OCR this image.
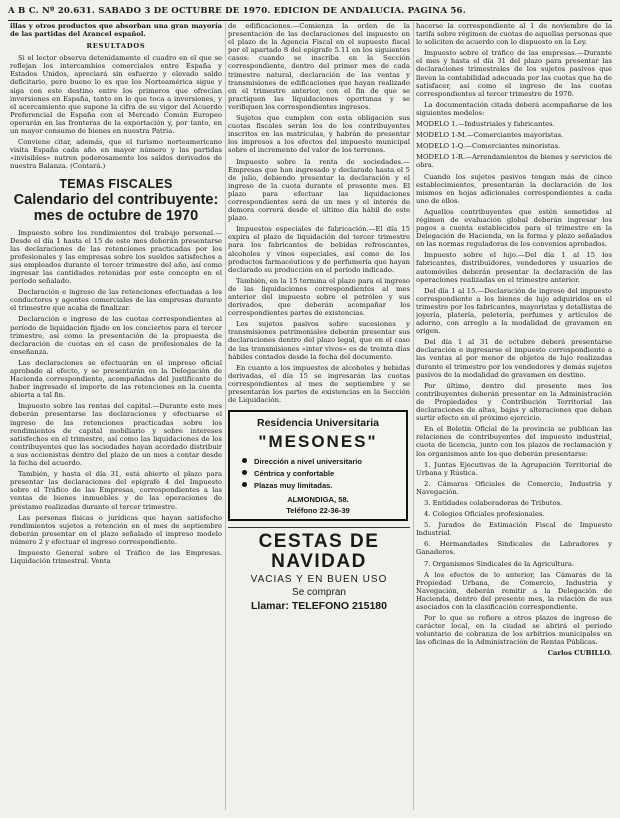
A B C. Nº 20.631. SABADO 3 DE OCTUBRE DE 1970. EDICION DE ANDALUCIA. PAGINA 56.

illas y otros productos que absorban una gran mayoría de las partidas del Arancel español.

RESULTADOS

Si el lector observa detenidamente el cuadro en el que se reflejan los intercambios comerciales entre España y Estados Unidos, apreciará sin esfuerzo y elevado saldo deficitario, pero bueno lo es que los Norteamérica sigue y siga con este destino entre los primeros que ofrecían inversiones en España, tanto en lo que toca a inversiones, y el acercamiento que supone la cifra de su vigor del Acuerdo Preferencial de España con el Mercado Común Europeo operarán en las fronteras de la exportación y, por tanto, en un mayor consumo de bienes en nuestra Patria.

Conviene citar, además, que el turismo norteamericano visita España cada año en mayor número y las partidas «invisibles» nutren poderosamente los saldos derivados de nuestra Balanza. (Contará.)

TEMAS FISCALES
Calendario del contribuyente: mes de octubre de 1970

Impuesto sobre los rendimientos del trabajo personal.—Desde el día 1 hasta el 15 de este mes deberán presentarse las declaraciones de las retenciones practicadas por los profesionales y las empresas sobre los sueldos satisfechos a sus empleados durante el tercer trimestre del año, así como ingresar las cantidades retenidas por este concepto en el período señalado.

Declaración e ingreso de las retenciones efectuadas a los conductores y agentes comerciales de las empresas durante el trimestre que acaba de finalizar.

Declaración e ingreso de las cuotas correspondientes al período de liquidación fijado en los conciertos para el tercer trimestre, así como la presentación de la propuesta de declaración de cuotas en el caso de profesionales de la enseñanza.

Las declaraciones se efectuarán en el impreso oficial aprobado al efecto, y se presentarán en la Delegación de Hacienda correspondiente, acompañadas del justificante de haber ingresado el importe de las retenciones en la cuenta abierta a tal fin.

Impuesto sobre las rentas del capital.—Durante este mes deberán presentarse las declaraciones y efectuarse el ingreso de las retenciones practicadas sobre los rendimientos de capital mobiliario y sobre intereses satisfechos en el trimestre, así como las liquidaciones de los contribuyentes que las sociedades hayan acordado distribuir a sus accionistas dentro del plazo de un mes a contar desde la fecha del acuerdo.

También, y hasta el día 31, está abierto el plazo para presentar las declaraciones del epígrafe 4 del Impuesto sobre el Tráfico de las Empresas, correspondientes a las ventas de bienes inmuebles y de las operaciones de préstamo realizadas durante el tercer trimestre.

Las personas físicas o jurídicas que hayan satisfecho rendimientos sujetos a retención en el mes de septiembre deberán presentar en el plazo señalado el impreso modelo número 2 y efectuar el ingreso correspondiente.

Impuesto General sobre el Tráfico de las Empresas. Liquidación trimestral. Venta

de edificaciones.—Comienza la orden de la presentación de las declaraciones del impuesto en el plazo de la Agencia Fiscal en el supuesto fiscal por el apartado 8 del epígrafe 5.11 en los siguientes casos: cuando se inscriba en la Sección correspondiente, dentro del primer mes de cada trimestre natural, declaración de las ventas y transmisiones de edificaciones que hayan realizado en el trimestre anterior, con el fin de que se practiquen las liquidaciones oportunas y se verifiquen los correspondientes ingresos.

Sujetos que cumplen con esta obligación sus cuotas fiscales serán los de los contribuyentes inscritos en las matrículas, y habrán de presentar los impresos a los efectos del impuesto municipal sobre el incremento del valor de los terrenos.

Impuesto sobre la renta de sociedades.—Empresas que han ingresado y declarado hasta el 5 de julio, debiendo presentar la declaración y el ingreso de la cuota durante el presente mes. El plazo para efectuar las liquidaciones correspondientes será de un mes y el interés de demora correrá desde el último día hábil de este plazo.

Impuestos especiales de fabricación.—El día 15 expira el plazo de liquidación del tercer trimestre para los fabricantes de bebidas refrescantes, alcoholes y vinos especiales, así como de los productos farmacéuticos y de perfumería que hayan declarado su producción en el período indicado.

También, en la 15 termina el plazo para el ingreso de las liquidaciones correspondientes al mes anterior del impuesto sobre el petróleo y sus derivados, que deberán acompañar los correspondientes partes de existencias.

Los sujetos pasivos sobre sucesiones y transmisiones patrimoniales deberán presentar sus declaraciones dentro del plazo legal, que en el caso de las transmisiones «inter vivos» es de treinta días hábiles contados desde la fecha del documento.

En cuanto a los impuestos de alcoholes y bebidas derivadas, el día 15 se ingresarán las cuotas correspondientes al mes de septiembre y se presentarán los partes de existencias en la Sección de Liquidación.

Residencia Universitaria
"MESONES"
Dirección a nivel universitario
Céntrica y confortable
Plazas muy limitadas.
ALMONDIGA, 58.
Teléfono 22-36-39
CESTAS DE NAVIDAD
VACIAS Y EN BUEN USO
Se compran
Llamar: TELEFONO 215180

hacerse la correspondiente al 1 de noviembre de la tarifa sobre régimen de cuotas de aquellas personas que lo soliciten de acuerdo con lo dispuesto en la Ley.

Impuesto sobre el tráfico de las empresas.—Durante el mes y hasta el día 31 del plazo para presentar las declaraciones trimestrales de los sujetos pasivos que lleven la contabilidad adecuada por las cuotas que ha de satisfacer, así como el ingreso de las cuotas correspondientes al tercer trimestre de 1970.

La documentación citada deberá acompañarse de los siguientes modelos:

MODELO 1.—Industriales y fabricantes.

MODELO 1-M.—Comerciantes mayoristas.

MODELO 1-Q.—Comerciantes minoristas.

MODELO 1-R.—Arrendamientos de bienes y servicios de obra.

Cuando los sujetos pasivos tengan más de cinco establecimientos, presentarán la declaración de los mismos en hojas adicionales correspondientes a cada uno de ellos.

Aquellos contribuyentes que estén sometidos al régimen de evaluación global deberán ingresar los pagos a cuenta establecidos para el trimestre en la Delegación de Hacienda, en la forma y plazo señalados en las normas reguladoras de los convenios aprobados.

Impuesto sobre el lujo.—Del día 1 al 15 los fabricantes, distribuidores, vendedores y usuarios de automóviles deberán presentar la declaración de las operaciones realizadas en el trimestre anterior.

Del día 1 al 15.—Declaración de ingreso del impuesto correspondiente a los bienes de lujo adquiridos en el trimestre por los fabricantes, mayoristas y detallistas de joyería, platería, peletería, perfumes y artículos de adorno, con arreglo a la modalidad de gravamen en origen.

Del día 1 al 31 de octubre deberá presentarse declaración e ingresarse el impuesto correspondiente a las ventas al por menor de objetos de lujo realizadas durante el trimestre por los vendedores y demás sujetos pasivos de la modalidad de gravamen en destino.

Por último, dentro del presente mes los contribuyentes deberán presentar en la Administración de Propiedades y Contribución Territorial las declaraciones de altas, bajas y alteraciones que deban surtir efecto en el próximo ejercicio.

En el Boletín Oficial de la provincia se publican las relaciones de contribuyentes del impuesto industrial, cuota de licencia, junto con los plazos de reclamación y los organismos ante los que deberán presentarse:

1. Juntas Ejecutivas de la Agrupación Territorial de Urbana y Rústica.

2. Cámaras Oficiales de Comercio, Industria y Navegación.

3. Entidades colaboradoras de Tributos.

4. Colegios Oficiales profesionales.

5. Jurados de Estimación Fiscal de Impuesto Industrial.

6. Hermandades Sindicales de Labradores y Ganaderos.

7. Organismos Sindicales de la Agricultura.

A los efectos de lo anterior, las Cámaras de la Propiedad Urbana, de Comercio, Industria y Navegación, deberán remitir a la Delegación de Hacienda, dentro del presente mes, la relación de sus asociados con la clasificación correspondiente.

Por lo que se refiere a otros plazos de ingreso de carácter local, en la ciudad se abrirá el periodo voluntario de cobranza de los arbitrios municipales en las oficinas de la Administración de Rentas Públicas.

Carlos CUBILLO.
